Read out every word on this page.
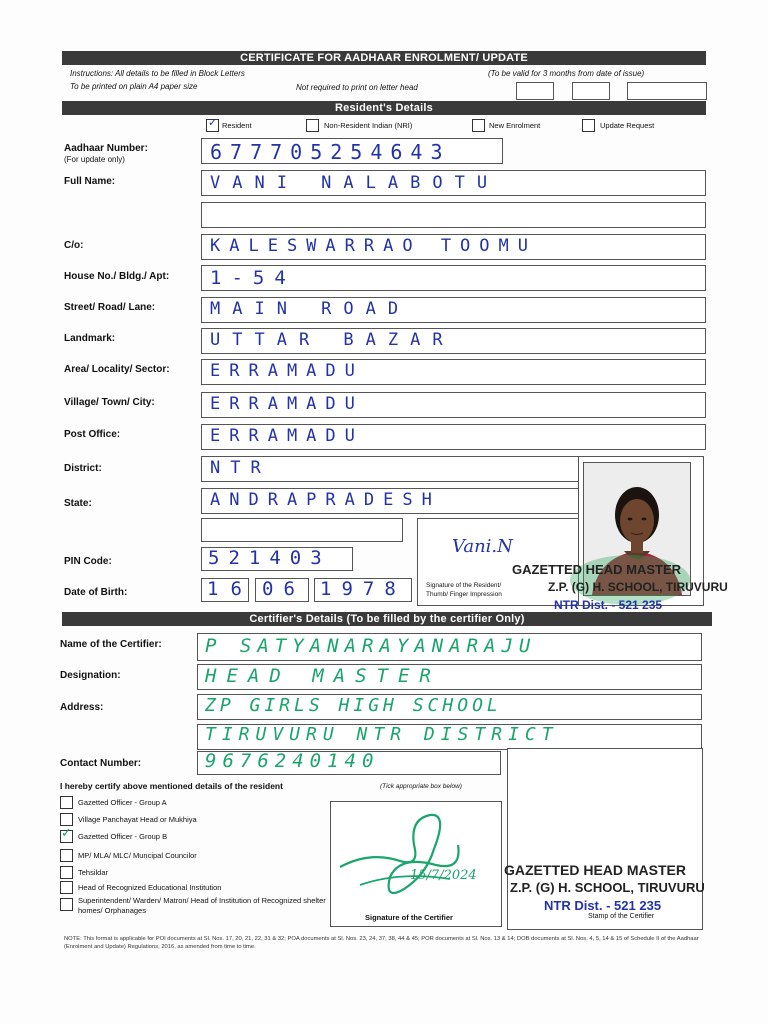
CERTIFICATE FOR AADHAAR ENROLMENT/ UPDATE
Instructions: All details to be filled in Block Letters
To be printed on plain A4 paper size	Not required to print on letter head
(To be valid for 3 months from date of issue)
Resident's Details
✓ Resident	Non-Resident Indian (NRI)	New Enrolment	Update Request
Aadhaar Number:
(For update only)	677705254643
Full Name:	VANI NALABOTU
C/o:	KALESWARRAO TOOMU
House No./ Bldg./ Apt: 1-54
Street/ Road/ Lane:	MAIN ROAD
Landmark:	UTTAR BAZAR
Area/ Locality/ Sector: ERRAMADU
Village/ Town/ City:	ERRAMADU
Post Office:	ERRAMADU
District:	NTR
State:	ANDRAPRADESH
PIN Code:	521403
Date of Birth:	16 06 1978
Vani.N
Signature of the Resident/
Thumb/ Finger Impression
GAZETTED HEAD MASTER
Z.P. (G) H. SCHOOL, TIRUVURU
NTR Dist. - 521 235
Certifier's Details (To be filled by the certifier Only)
Name of the Certifier: P SATYANARAYANARAJU
Designation:	HEAD MASTER
Address:	ZP GIRLS HIGH SCHOOL
TIRUVURU NTR DISTRICT
Contact Number:	9676240140
I hereby certify above mentioned details of the resident	(Tick appropriate box below)
Gazetted Officer - Group A
Village Panchayat Head or Mukhiya
✓ Gazetted Officer - Group B
MP/ MLA/ MLC/ Muncipal Councilor
Tehsildar
Head of Recognized Educational Institution
Superintendent/ Warden/ Matron/ Head of Institution of Recognized shelter homes/ Orphanages
15/7/2024
Signature of the Certifier	Stamp of the Certifier
GAZETTED HEAD MASTER
Z.P. (G) H. SCHOOL, TIRUVURU
NTR Dist. - 521 235
NOTE: This format is applicable for POI documents at Sl. Nos. 17, 20, 21, 22, 31 & 32; POA documents at Sl. Nos. 23, 24, 37, 38, 44 & 45; POR documents at Sl. Nos. 13 & 14; DOB documents at Sl. Nos. 4, 5, 14 & 15 of Schedule II of the Aadhaar (Enrolment and Update) Regulations, 2016, as amended from time to time.
